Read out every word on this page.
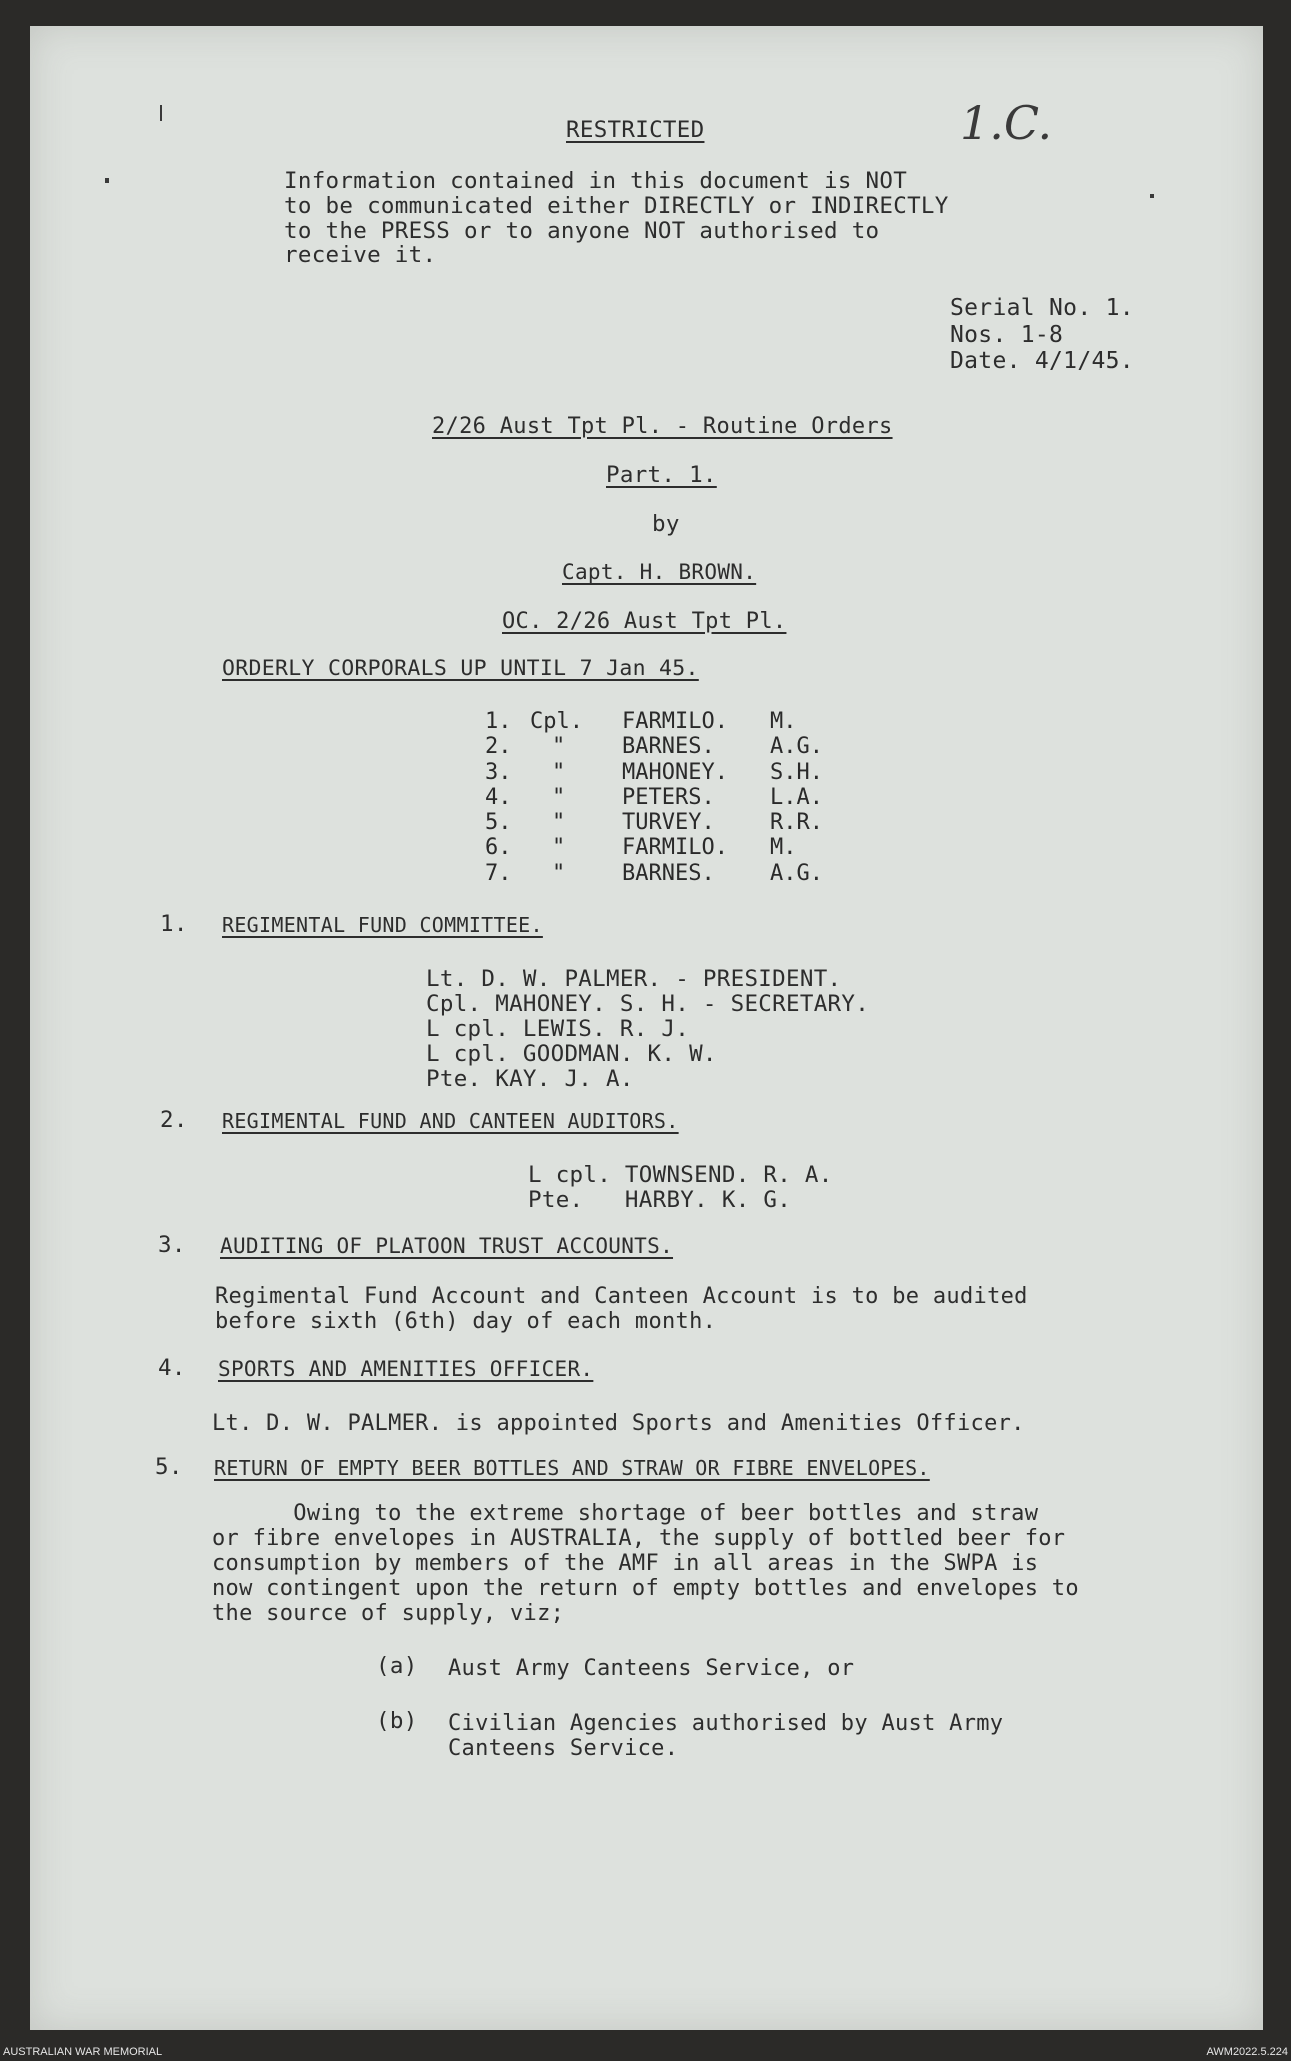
1.C.
RESTRICTED
Information contained in this document is NOT
to be communicated either DIRECTLY or INDIRECTLY
to the PRESS or to anyone NOT authorised to
receive it.
Serial No. 1.
Nos. 1-8
Date. 4/1/45.
2/26 Aust Tpt Pl. - Routine Orders
Part. 1.
by
Capt. H. BROWN.
OC. 2/26 Aust Tpt Pl.
ORDERLY CORPORALS UP UNTIL 7 Jan 45.
1.
2.
3.
4.
5.
6.
7.
Cpl.
"
"
"
"
"
"
FARMILO.
BARNES.
MAHONEY.
PETERS.
TURVEY.
FARMILO.
BARNES.
M.
A.G.
S.H.
L.A.
R.R.
M.
A.G.
1. REGIMENTAL FUND COMMITTEE.
Lt. D. W. PALMER. - PRESIDENT.
Cpl. MAHONEY. S. H. - SECRETARY.
L cpl. LEWIS. R. J.
L cpl. GOODMAN. K. W.
Pte. KAY. J. A.
2. REGIMENTAL FUND AND CANTEEN AUDITORS.
L cpl. TOWNSEND. R. A.
Pte.   HARBY. K. G.
3. AUDITING OF PLATOON TRUST ACCOUNTS.
Regimental Fund Account and Canteen Account is to be audited
before sixth (6th) day of each month.
4. SPORTS AND AMENITIES OFFICER.
Lt. D. W. PALMER. is appointed Sports and Amenities Officer.
5. RETURN OF EMPTY BEER BOTTLES AND STRAW OR FIBRE ENVELOPES.
Owing to the extreme shortage of beer bottles and straw
or fibre envelopes in AUSTRALIA, the supply of bottled beer for
consumption by members of the AMF in all areas in the SWPA is
now contingent upon the return of empty bottles and envelopes to
the source of supply, viz;
(a) Aust Army Canteens Service, or
(b) Civilian Agencies authorised by Aust Army
Canteens Service.
AUSTRALIAN WAR MEMORIAL	AWM2022.5.224
